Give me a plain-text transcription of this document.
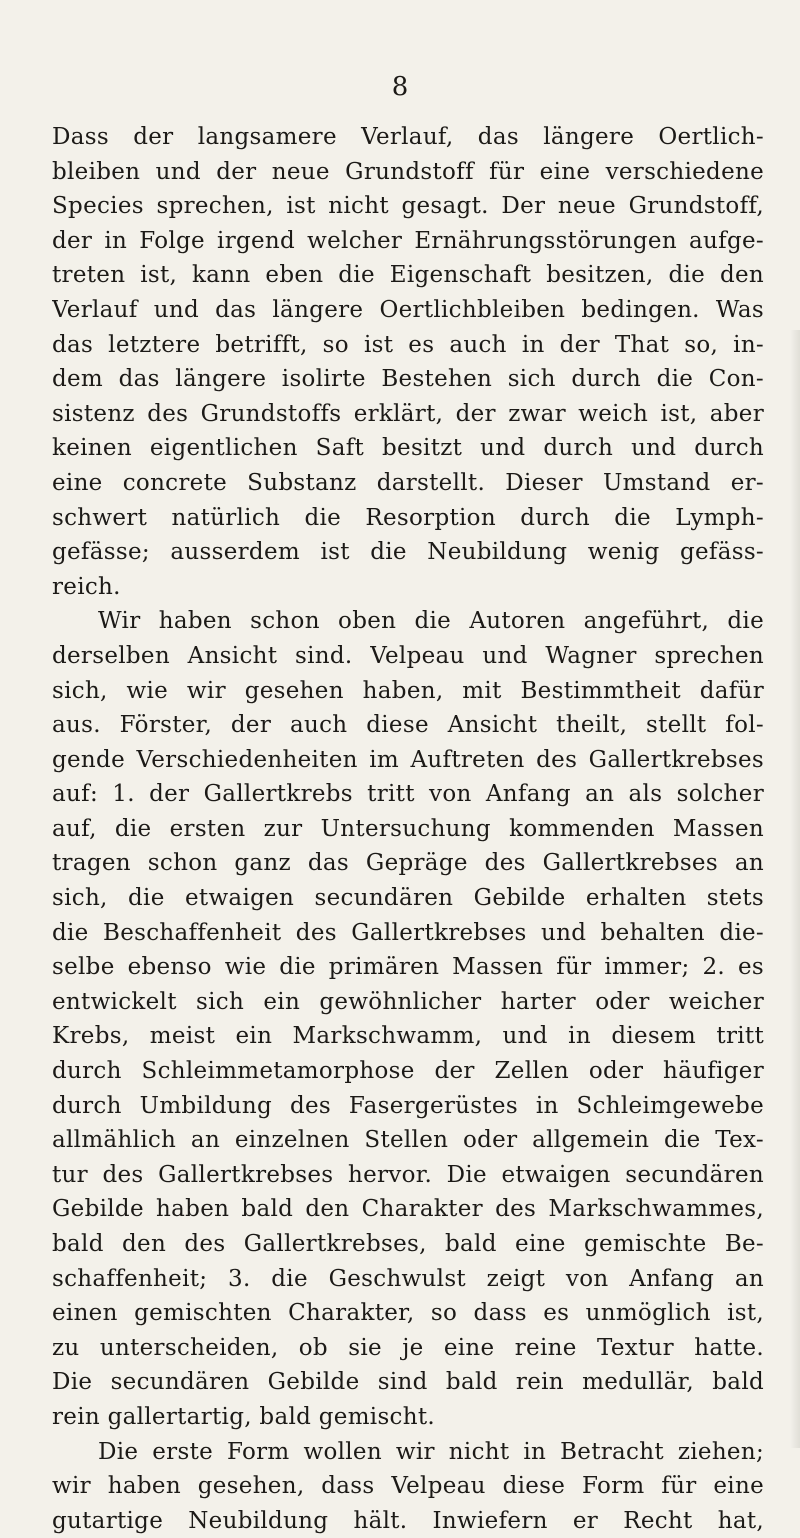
8
Dass der langsamere Verlauf, das längere Oertlich-
bleiben und der neue Grundstoff für eine verschiedene
Species sprechen, ist nicht gesagt. Der neue Grundstoff,
der in Folge irgend welcher Ernährungsstörungen aufge-
treten ist, kann eben die Eigenschaft besitzen, die den
Verlauf und das längere Oertlichbleiben bedingen. Was
das letztere betrifft, so ist es auch in der That so, in-
dem das längere isolirte Bestehen sich durch die Con-
sistenz des Grundstoffs erklärt, der zwar weich ist, aber
keinen eigentlichen Saft besitzt und durch und durch
eine concrete Substanz darstellt. Dieser Umstand er-
schwert natürlich die Resorption durch die Lymph-
gefässe; ausserdem ist die Neubildung wenig gefäss-
reich.
Wir haben schon oben die Autoren angeführt, die
derselben Ansicht sind. Velpeau und Wagner sprechen
sich, wie wir gesehen haben, mit Bestimmtheit dafür
aus. Förster, der auch diese Ansicht theilt, stellt fol-
gende Verschiedenheiten im Auftreten des Gallertkrebses
auf: 1. der Gallertkrebs tritt von Anfang an als solcher
auf, die ersten zur Untersuchung kommenden Massen
tragen schon ganz das Gepräge des Gallertkrebses an
sich, die etwaigen secundären Gebilde erhalten stets
die Beschaffenheit des Gallertkrebses und behalten die-
selbe ebenso wie die primären Massen für immer; 2. es
entwickelt sich ein gewöhnlicher harter oder weicher
Krebs, meist ein Markschwamm, und in diesem tritt
durch Schleimmetamorphose der Zellen oder häufiger
durch Umbildung des Fasergerüstes in Schleimgewebe
allmählich an einzelnen Stellen oder allgemein die Tex-
tur des Gallertkrebses hervor. Die etwaigen secundären
Gebilde haben bald den Charakter des Markschwammes,
bald den des Gallertkrebses, bald eine gemischte Be-
schaffenheit; 3. die Geschwulst zeigt von Anfang an
einen gemischten Charakter, so dass es unmöglich ist,
zu unterscheiden, ob sie je eine reine Textur hatte.
Die secundären Gebilde sind bald rein medullär, bald
rein gallertartig, bald gemischt.
Die erste Form wollen wir nicht in Betracht ziehen;
wir haben gesehen, dass Velpeau diese Form für eine
gutartige Neubildung hält. Inwiefern er Recht hat,
